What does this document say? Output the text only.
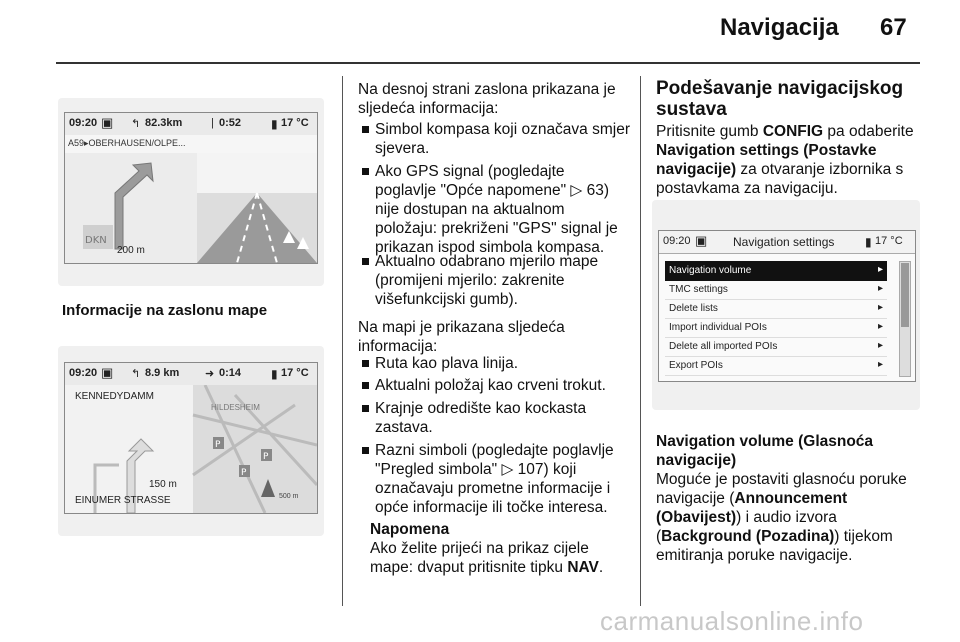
Navigacija 67
09:20 ▣ ↰ 82.3km	| 0:52 ▮ 17 °C
A59▸OBERHAUSEN/OLPE...
DKN
200 m
Informacije na zaslonu mape
09:20 ▣ ↰ 8.9 km ➜ 0:14 ▮ 17 °C
P
P
P
KENNEDYDAMM
HILDESHEIM
150 m
EINUMER STRASSE	500 m
Na desnoj strani zaslona prikazana je sljedeća informacija:
Simbol kompasa koji označava smjer sjevera.
Ako GPS signal (pogledajte poglavlje "Opće napomene" ▷ 63) nije dostupan na aktualnom položaju: prekriženi "GPS" signal je prikazan ispod simbola kompasa.
Aktualno odabrano mjerilo mape (promijeni mjerilo: zakrenite višefunkcijski gumb).
Na mapi je prikazana sljedeća informacija:
Ruta kao plava linija.
Aktualni položaj kao crveni trokut.
Krajnje odredište kao kockasta zastava.
Razni simboli (pogledajte poglavlje "Pregled simbola" ▷ 107) koji označavaju prometne informacije i opće informacije ili točke interesa.
Napomena
Ako želite prijeći na prikaz cijele mape: dvaput pritisnite tipku NAV.
Podešavanje navigacijskog sustava
Pritisnite gumb CONFIG pa odaberite Navigation settings (Postavke navigacije) za otvaranje izbornika s postavkama za navigaciju.
09:20 ▣ Navigation settings	▮ 17 °C
Navigation volume	▸
TMC settings	▸
Delete lists	▸
Import individual POIs	▸
Delete all imported POIs	▸
Export POIs	▸
Navigation volume (Glasnoća navigacije)
Moguće je postaviti glasnoću poruke navigacije (Announcement (Obavijest)) i audio izvora (Background (Pozadina)) tijekom emitiranja poruke navigacije.
carmanualsonline.info
